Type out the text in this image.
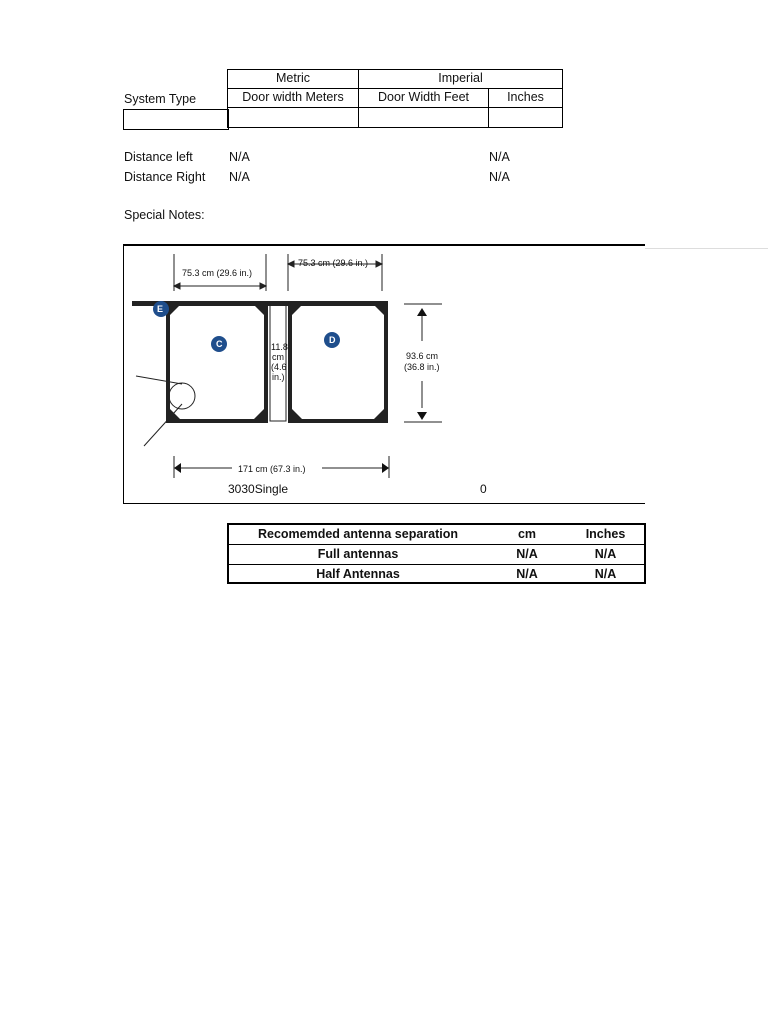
Metric	Imperial
System Type	Door width Meters	Door Width Feet	Inches
Distance left	N/A	N/A
Distance Right N/A	N/A
Special Notes:
E
C	D
75.3 cm (29.6 in.)
75.3 cm (29.6 in.)
11.8
cm
(4.6
in.)
93.6 cm
(36.8 in.)
171 cm (67.3 in.)
3030Single	0
Recomemded antenna separation	cm	Inches
Full antennas	N/A	N/A
Half Antennas	N/A	N/A
